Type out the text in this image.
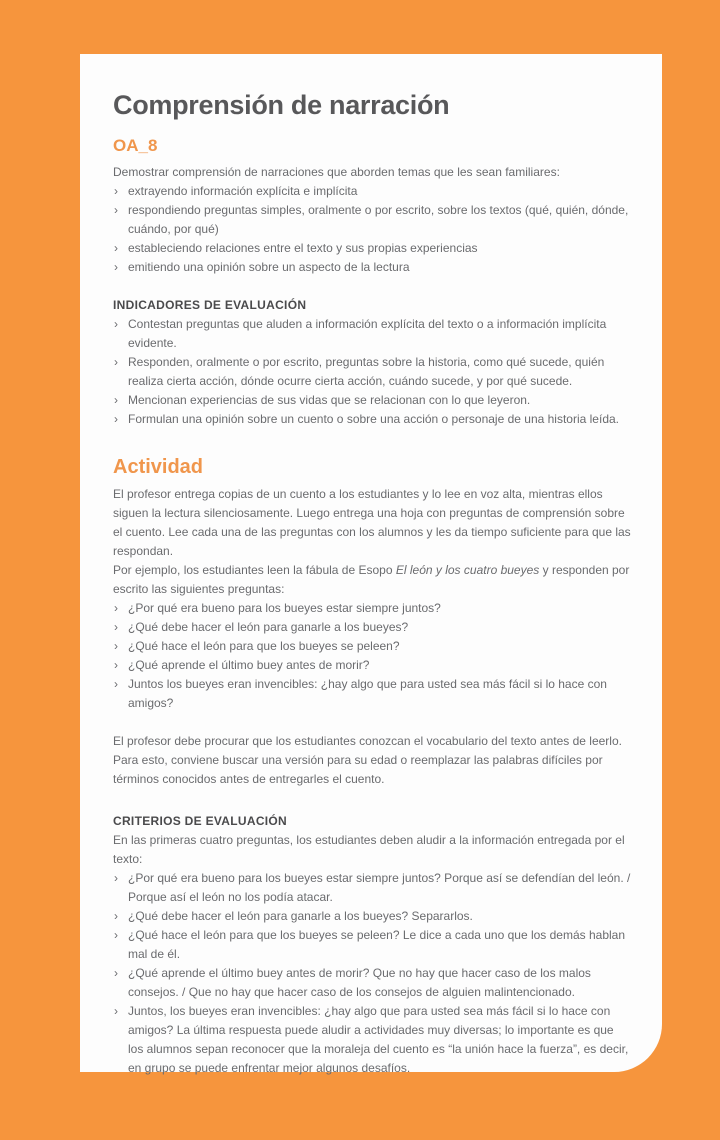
Comprensión de narración
OA_8

Demostrar comprensión de narraciones que aborden temas que les sean familiares:

› extrayendo información explícita e implícita
› respondiendo preguntas simples, oralmente o por escrito, sobre los textos (qué, quién, dónde, cuándo, por qué)
› estableciendo relaciones entre el texto y sus propias experiencias
› emitiendo una opinión sobre un aspecto de la lectura
INDICADORES DE EVALUACIÓN
› Contestan preguntas que aluden a información explícita del texto o a información implícita evidente.
› Responden, oralmente o por escrito, preguntas sobre la historia, como qué sucede, quién realiza cierta acción, dónde ocurre cierta acción, cuándo sucede, y por qué sucede.
› Mencionan experiencias de sus vidas que se relacionan con lo que leyeron.
› Formulan una opinión sobre un cuento o sobre una acción o personaje de una historia leída.
Actividad

El profesor entrega copias de un cuento a los estudiantes y lo lee en voz alta, mientras ellos siguen la lectura silenciosamente. Luego entrega una hoja con preguntas de comprensión sobre el cuento. Lee cada una de las preguntas con los alumnos y les da tiempo suficiente para que las respondan.

Por ejemplo, los estudiantes leen la fábula de Esopo El león y los cuatro bueyes y responden por escrito las siguientes preguntas:

› ¿Por qué era bueno para los bueyes estar siempre juntos?
› ¿Qué debe hacer el león para ganarle a los bueyes?
› ¿Qué hace el león para que los bueyes se peleen?
› ¿Qué aprende el último buey antes de morir?
› Juntos los bueyes eran invencibles: ¿hay algo que para usted sea más fácil si lo hace con amigos?

El profesor debe procurar que los estudiantes conozcan el vocabulario del texto antes de leerlo. Para esto, conviene buscar una versión para su edad o reemplazar las palabras difíciles por términos conocidos antes de entregarles el cuento.

CRITERIOS DE EVALUACIÓN

En las primeras cuatro preguntas, los estudiantes deben aludir a la información entregada por el texto:

› ¿Por qué era bueno para los bueyes estar siempre juntos? Porque así se defendían del león. / Porque así el león no los podía atacar.
› ¿Qué debe hacer el león para ganarle a los bueyes? Separarlos.
› ¿Qué hace el león para que los bueyes se peleen? Le dice a cada uno que los demás hablan mal de él.
› ¿Qué aprende el último buey antes de morir? Que no hay que hacer caso de los malos consejos. / Que no hay que hacer caso de los consejos de alguien malintencionado.
› Juntos, los bueyes eran invencibles: ¿hay algo que para usted sea más fácil si lo hace con amigos? La última respuesta puede aludir a actividades muy diversas; lo importante es que los alumnos sepan reconocer que la moraleja del cuento es “la unión hace la fuerza”, es decir, en grupo se puede enfrentar mejor algunos desafíos.
